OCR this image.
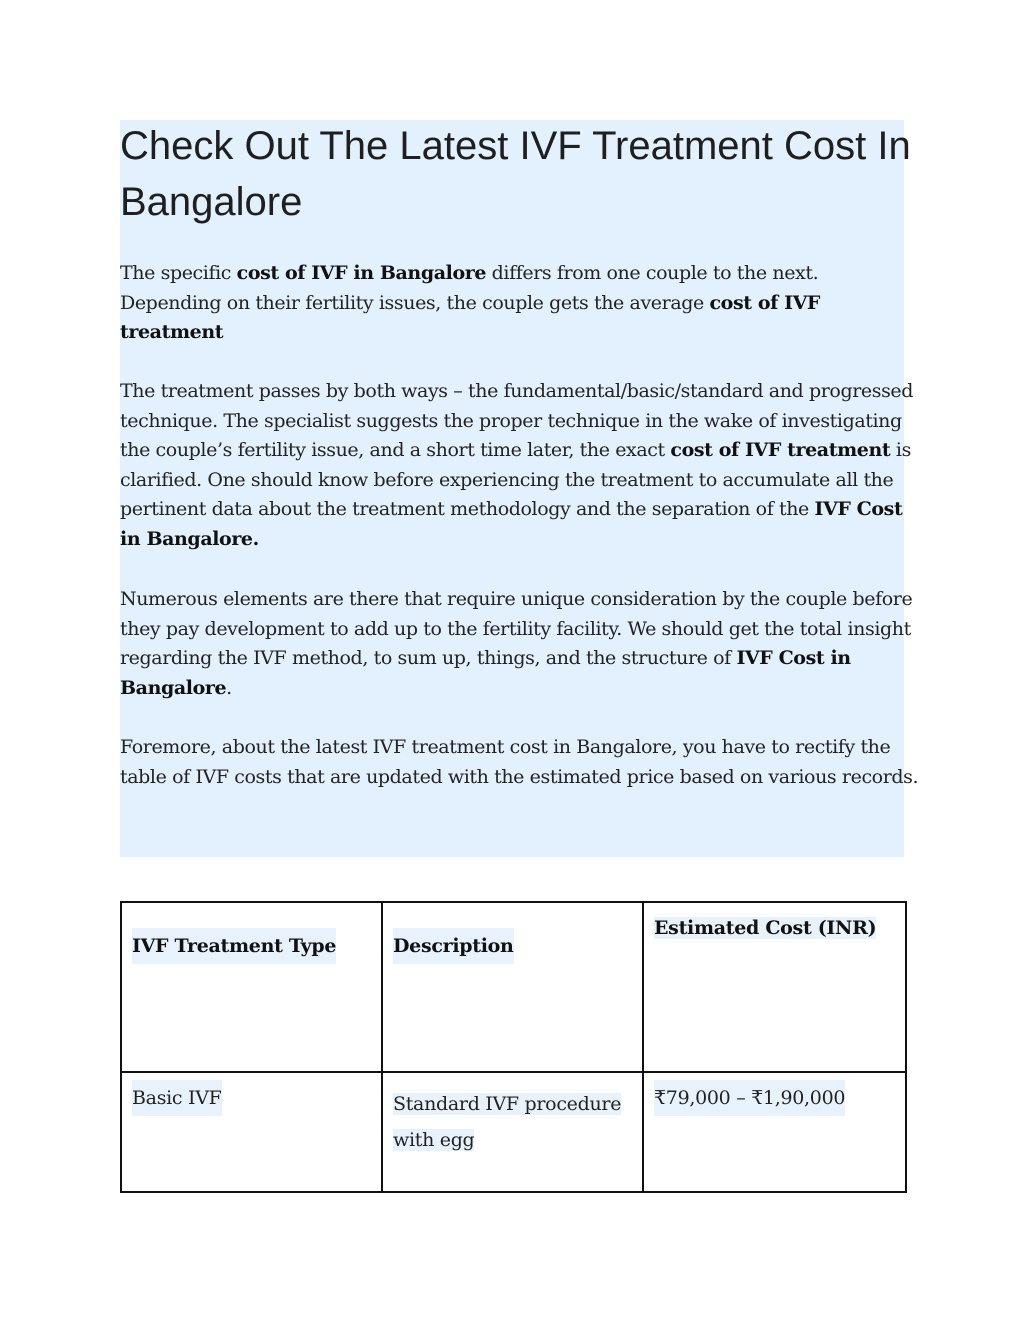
Check Out The Latest IVF Treatment Cost In Bangalore

The specific cost of IVF in Bangalore differs from one couple to the next. Depending on their fertility issues, the couple gets the average cost of IVF treatment

The treatment passes by both ways – the fundamental/basic/standard and progressed technique. The specialist suggests the proper technique in the wake of investigating the couple’s fertility issue, and a short time later, the exact cost of IVF treatment is clarified. One should know before experiencing the treatment to accumulate all the pertinent data about the treatment methodology and the separation of the IVF Cost in Bangalore.

Numerous elements are there that require unique consideration by the couple before they pay development to add up to the fertility facility. We should get the total insight regarding the IVF method, to sum up, things, and the structure of IVF Cost in Bangalore.

Foremore, about the latest IVF treatment cost in Bangalore, you have to rectify the table of IVF costs that are updated with the estimated price based on various records.

IVF Treatment Type	Description	Estimated Cost (INR)
Basic IVF	Standard IVF procedure with egg	₹79,000 – ₹1,90,000
